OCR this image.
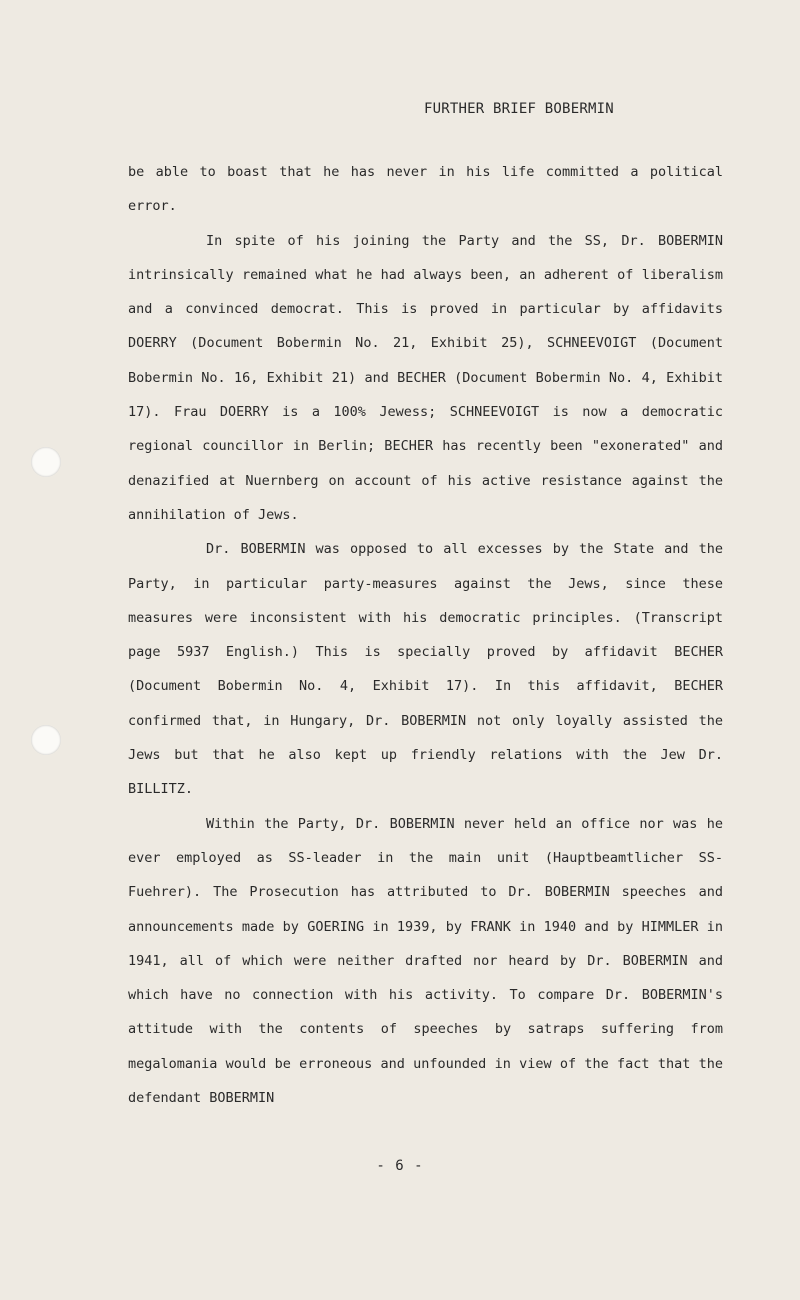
FURTHER BRIEF BOBERMIN

be able to boast that he has never in his life committed a political error.

In spite of his joining the Party and the SS, Dr. BOBERMIN intrinsically remained what he had always been, an adherent of liberalism and a convinced democrat. This is proved in particular by affidavits DOERRY (Document Bobermin No. 21, Exhibit 25), SCHNEEVOIGT (Document Bobermin No. 16, Exhibit 21) and BECHER (Document Bobermin No. 4, Exhibit 17). Frau DOERRY is a 100% Jewess; SCHNEEVOIGT is now a democratic regional councillor in Berlin; BECHER has recently been "exonerated" and denazified at Nuernberg on account of his active resistance against the annihilation of Jews.

Dr. BOBERMIN was opposed to all excesses by the State and the Party, in particular party-measures against the Jews, since these measures were inconsistent with his democratic principles. (Transcript page 5937 English.) This is specially proved by affidavit BECHER (Document Bobermin No. 4, Exhibit 17). In this affidavit, BECHER confirmed that, in Hungary, Dr. BOBERMIN not only loyally assisted the Jews but that he also kept up friendly relations with the Jew Dr. BILLITZ.

Within the Party, Dr. BOBERMIN never held an office nor was he ever employed as SS-leader in the main unit (Hauptbeamtlicher SS-Fuehrer). The Prosecution has attributed to Dr. BOBERMIN speeches and announcements made by GOERING in 1939, by FRANK in 1940 and by HIMMLER in 1941, all of which were neither drafted nor heard by Dr. BOBERMIN and which have no connection with his activity. To compare Dr. BOBERMIN's attitude with the contents of speeches by satraps suffering from megalomania would be erroneous and unfounded in view of the fact that the defendant BOBERMIN

- 6 -
